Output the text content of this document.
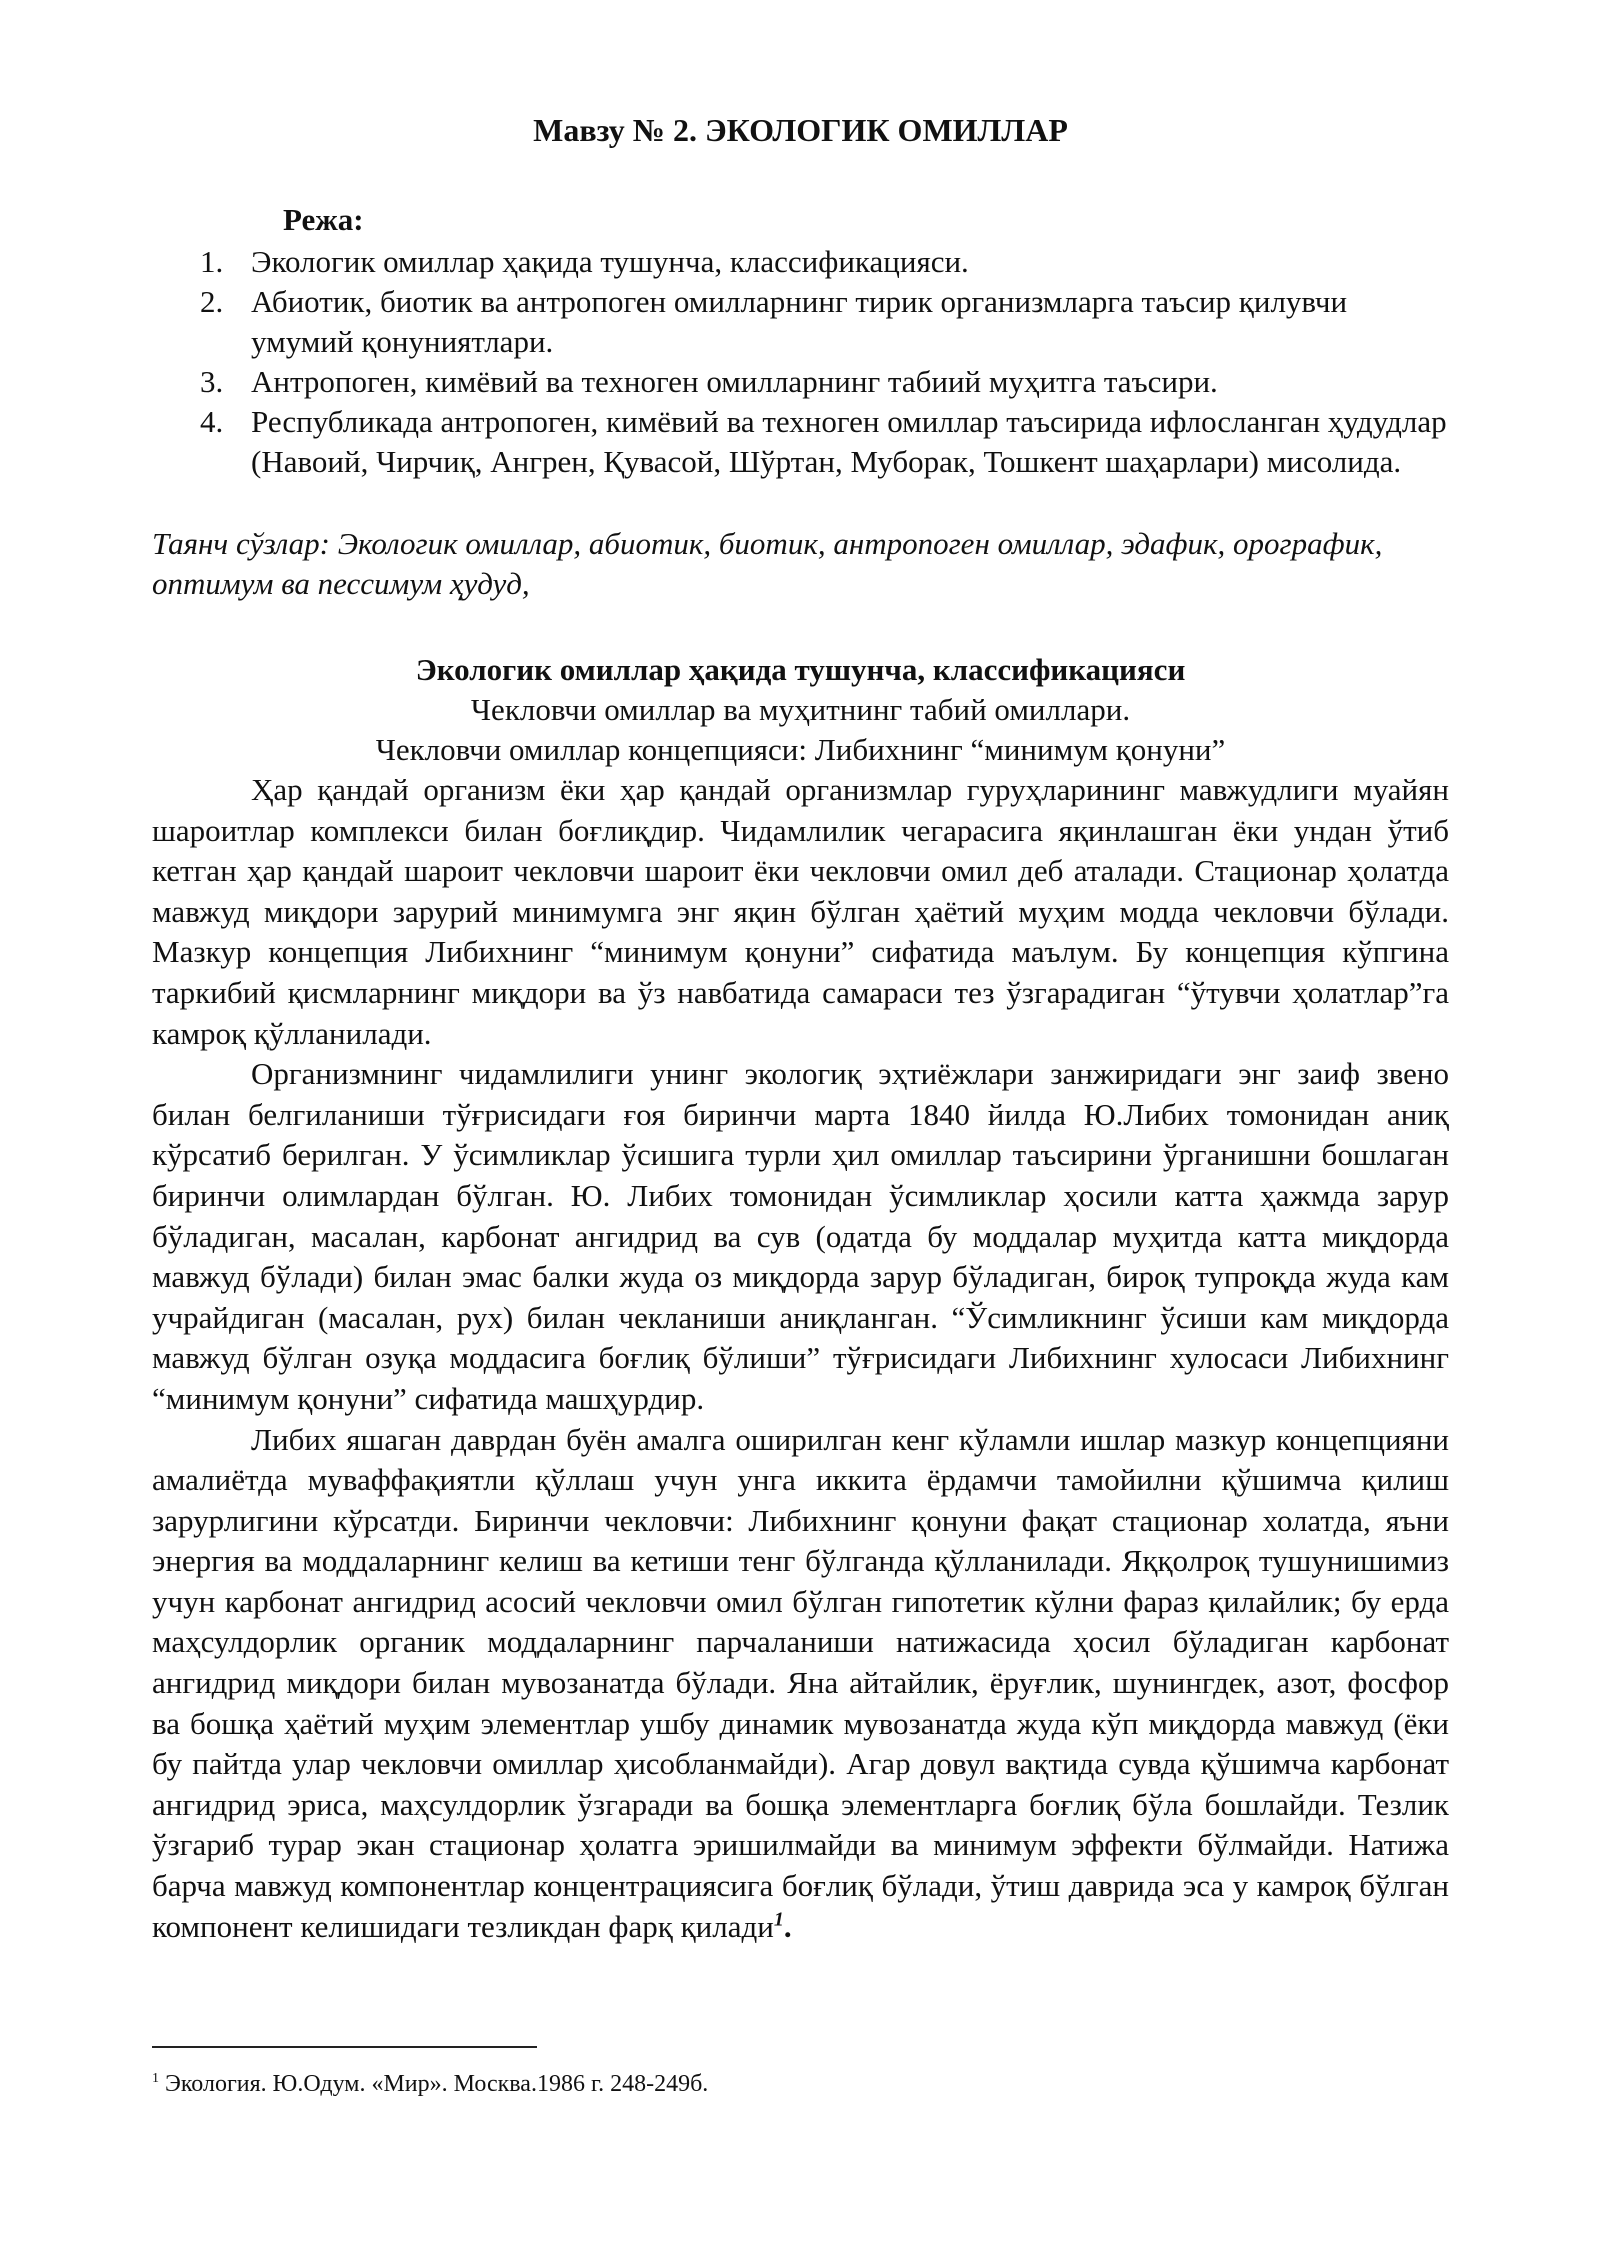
Мавзу № 2. ЭКОЛОГИК ОМИЛЛАР
Режа:
1. Экологик омиллар ҳақида тушунча, классификацияси.
2. Абиотик, биотик ва антропоген омилларнинг тирик организмларга таъсир қилувчи умумий қонуниятлари.
3. Антропоген, кимёвий ва техноген омилларнинг табиий муҳитга таъсири.
4. Республикада антропоген, кимёвий ва техноген омиллар таъсирида ифлосланган ҳудудлар (Навоий, Чирчиқ, Ангрен, Қувасой, Шўртан, Муборак, Тошкент шаҳарлари) мисолида.
Таянч сўзлар: Экологик омиллар, абиотик, биотик, антропоген омиллар, эдафик, орографик, оптимум ва пессимум ҳудуд,
Экологик омиллар ҳақида тушунча, классификацияси
Чекловчи омиллар ва муҳитнинг табий омиллари.
Чекловчи омиллар концепцияси: Либихнинг “минимум қонуни”

Ҳар қандай организм ёки ҳар қандай организмлар гуруҳларининг мавжудлиги муайян шароитлар комплекси билан боғлиқдир. Чидамлилик чегарасига яқинлашган ёки ундан ўтиб кетган ҳар қандай шароит чекловчи шароит ёки чекловчи омил деб аталади. Стационар ҳолатда мавжуд миқдори зарурий минимумга энг яқин бўлган ҳаётий муҳим модда чекловчи бўлади. Мазкур концепция Либихнинг “минимум қонуни” сифатида маълум. Бу концепция кўпгина таркибий қисмларнинг миқдори ва ўз навбатида самараси тез ўзгарадиган “ўтувчи ҳолатлар”га камроқ қўлланилади.

Организмнинг чидамлилиги унинг экологиқ эҳтиёжлари занжиридаги энг заиф звено билан белгиланиши тўғрисидаги ғоя биринчи марта 1840 йилда Ю.Либих томонидан аниқ кўрсатиб берилган. У ўсимликлар ўсишига турли ҳил омиллар таъсирини ўрганишни бошлаган биринчи олимлардан бўлган. Ю. Либих томонидан ўсимликлар ҳосили катта ҳажмда зарур бўладиган, масалан, карбонат ангидрид ва сув (одатда бу моддалар муҳитда катта миқдорда мавжуд бўлади) билан эмас балки жуда оз миқдорда зарур бўладиган, бироқ тупроқда жуда кам учрайдиган (масалан, рух) билан чекланиши аниқланган. “Ўсимликнинг ўсиши кам миқдорда мавжуд бўлган озуқа моддасига боғлиқ бўлиши” тўғрисидаги Либихнинг хулосаси Либихнинг “минимум қонуни” сифатида машҳурдир.

Либих яшаган даврдан буён амалга оширилган кенг кўламли ишлар мазкур концепцияни амалиётда муваффақиятли қўллаш учун унга иккита ёрдамчи тамойилни қўшимча қилиш зарурлигини кўрсатди. Биринчи чекловчи: Либихнинг қонуни фақат стационар холатда, яъни энергия ва моддаларнинг келиш ва кетиши тенг бўлганда қўлланилади. Яққолроқ тушунишимиз учун карбонат ангидрид асосий чекловчи омил бўлган гипотетик кўлни фараз қилайлик; бу ерда маҳсулдорлик органик моддаларнинг парчаланиши натижасида ҳосил бўладиган карбонат ангидрид миқдори билан мувозанатда бўлади. Яна айтайлик, ёруғлик, шунингдек, азот, фосфор ва бошқа ҳаётий муҳим элементлар ушбу динамик мувозанатда жуда кўп миқдорда мавжуд (ёки бу пайтда улар чекловчи омиллар ҳисобланмайди). Агар довул вақтида сувда қўшимча карбонат ангидрид эриса, маҳсулдорлик ўзгаради ва бошқа элементларга боғлиқ бўла бошлайди. Тезлик ўзгариб турар экан стационар ҳолатга эришилмайди ва минимум эффекти бўлмайди. Натижа барча мавжуд компонентлар концентрациясига боғлиқ бўлади, ўтиш даврида эса у камроқ бўлган компонент келишидаги тезликдан фарқ қилади$^1$.

$^1$ Экология. Ю.Одум. «Мир». Москва.1986 г. 248-249б.
